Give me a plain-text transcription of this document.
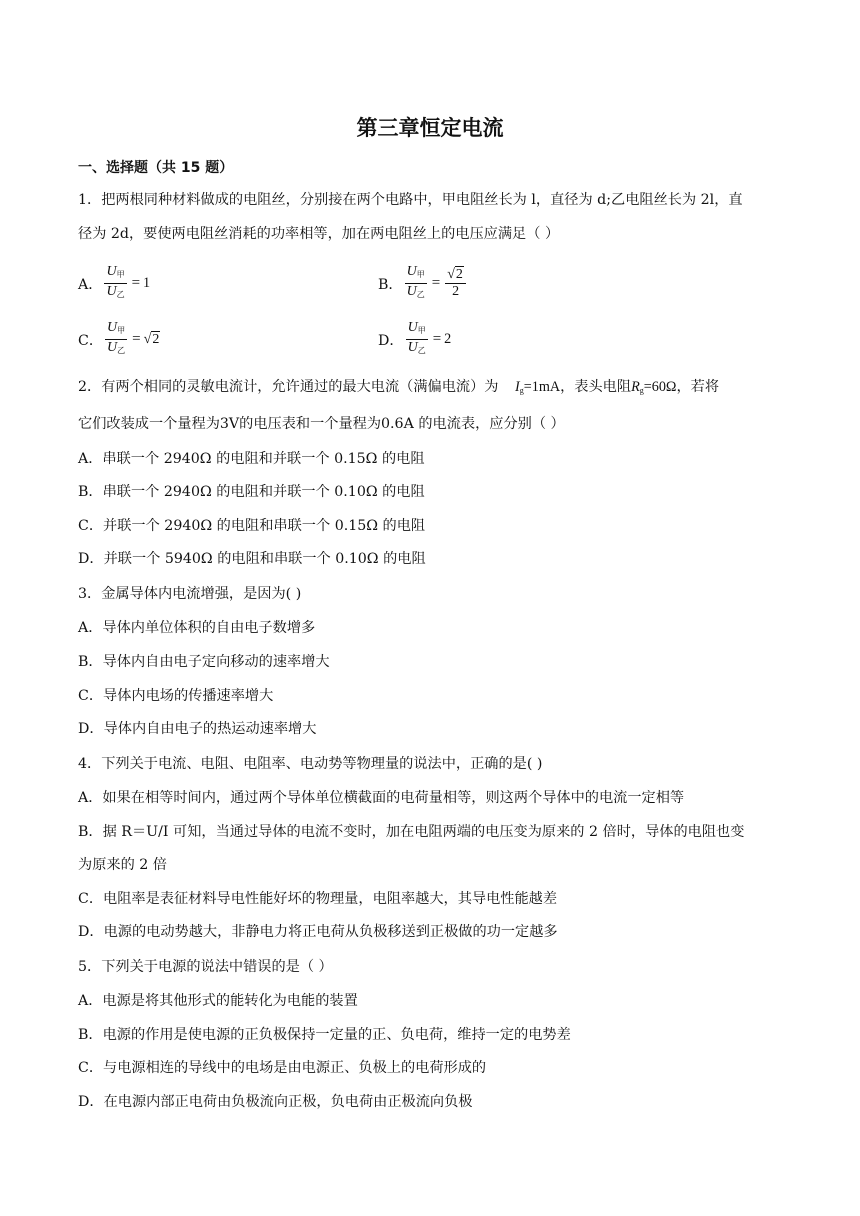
第三章恒定电流
一、选择题（共 15 题）
1．把两根同种材料做成的电阻丝，分别接在两个电路中，甲电阻丝长为 l，直径为 d;乙电阻丝长为 2l，直
径为 2d，要使两电阻丝消耗的功率相等，加在两电阻丝上的电压应满足（ ）
A． $\frac{U_甲}{U_乙} = 1$	B． $\frac{U_甲}{U_乙} = \frac{√2}{2}$
C． $\frac{U_甲}{U_乙} = √2$	D． $\frac{U_甲}{U_乙} = 2$
2．有两个相同的灵敏电流计，允许通过的最大电流（满偏电流）为 $I_g=1mA$，表头电阻$R_g=60\Omega$，若将
它们改装成一个量程为3V的电压表和一个量程为0.6A 的电流表，应分别（ ）
A．串联一个 2940Ω 的电阻和并联一个 0.15Ω 的电阻
B．串联一个 2940Ω 的电阻和并联一个 0.10Ω 的电阻
C．并联一个 2940Ω 的电阻和串联一个 0.15Ω 的电阻
D．并联一个 5940Ω 的电阻和串联一个 0.10Ω 的电阻
3．金属导体内电流增强，是因为( )
A．导体内单位体积的自由电子数增多
B．导体内自由电子定向移动的速率增大
C．导体内电场的传播速率增大
D．导体内自由电子的热运动速率增大
4．下列关于电流、电阻、电阻率、电动势等物理量的说法中，正确的是( )
A．如果在相等时间内，通过两个导体单位横截面的电荷量相等，则这两个导体中的电流一定相等
B．据 R＝U/I 可知，当通过导体的电流不变时，加在电阻两端的电压变为原来的 2 倍时，导体的电阻也变
为原来的 2 倍
C．电阻率是表征材料导电性能好坏的物理量，电阻率越大，其导电性能越差
D．电源的电动势越大，非静电力将正电荷从负极移送到正极做的功一定越多
5．下列关于电源的说法中错误的是（ ）
A．电源是将其他形式的能转化为电能的装置
B．电源的作用是使电源的正负极保持一定量的正、负电荷，维持一定的电势差
C．与电源相连的导线中的电场是由电源正、负极上的电荷形成的
D．在电源内部正电荷由负极流向正极，负电荷由正极流向负极
